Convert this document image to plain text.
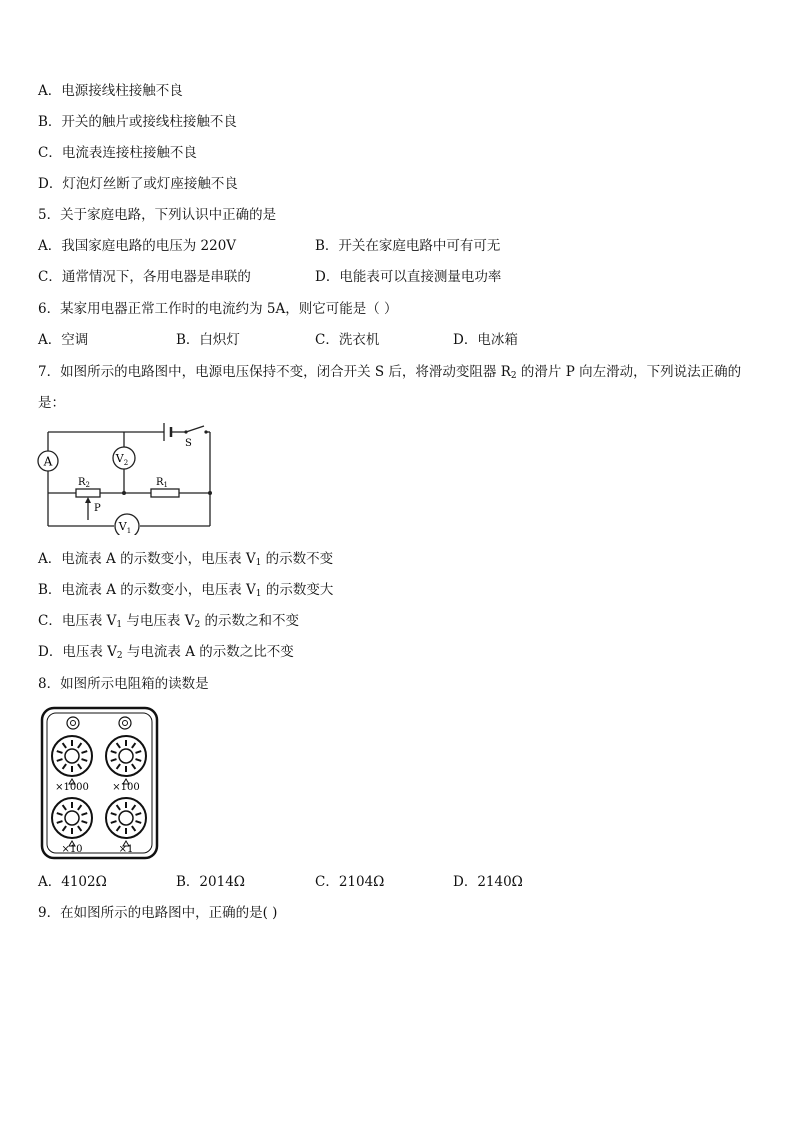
A．电源接线柱接触不良
B．开关的触片或接线柱接触不良
C．电流表连接柱接触不良
D．灯泡灯丝断了或灯座接触不良
5．关于家庭电路，下列认识中正确的是
A．我国家庭电路的电压为 220V	B．开关在家庭电路中可有可无
C．通常情况下，各用电器是串联的	D．电能表可以直接测量电功率
6．某家用电器正常工作时的电流约为 5A，则它可能是（ ）
A．空调	B．白炽灯	C．洗衣机	D．电冰箱
7．如图所示的电路图中，电源电压保持不变，闭合开关 S 后，将滑动变阻器 $R_2$ 的滑片 P 向左滑动，下列说法正确的
是：
A	$V_2$
$V_1$
$R_2$	$R_1$
P
S
A．电流表 A 的示数变小，电压表 $V_1$ 的示数不变
B．电流表 A 的示数变小，电压表 $V_1$ 的示数变大
C．电压表 $V_1$ 与电压表 $V_2$ 的示数之和不变
D．电压表 $V_2$ 与电流表 A 的示数之比不变
8．如图所示电阻箱的读数是
×1000 ×100
×10	×1
A．4102Ω	B．2014Ω	C．2104Ω	D．2140Ω
9．在如图所示的电路图中，正确的是( )
